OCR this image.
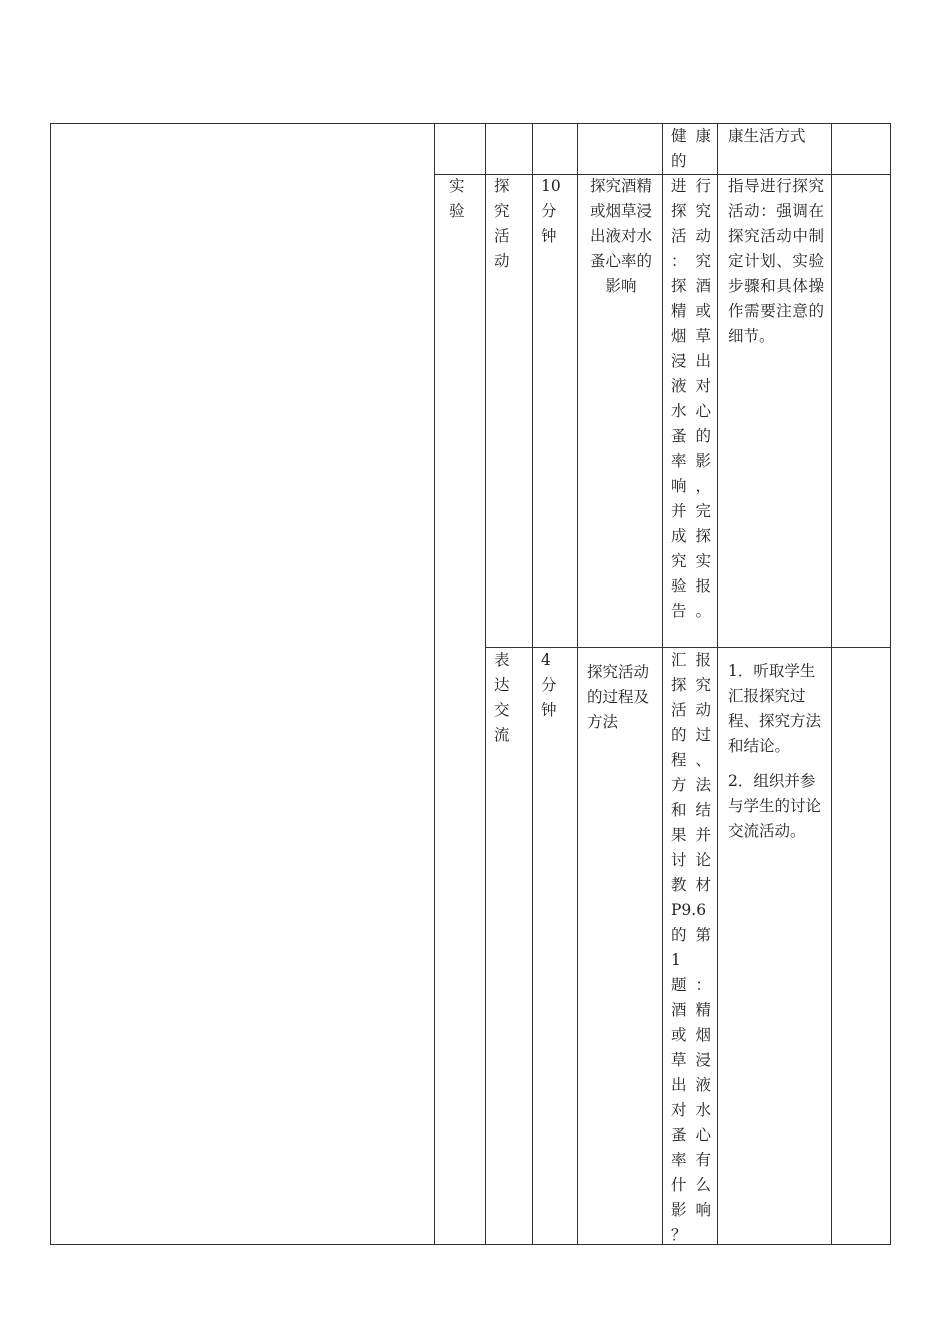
健康
的
康生活方式
实验
探究活动
10分钟
探究酒精或烟草浸出液对水蚤心率的影响
进行
探究
活动
：究
探酒
精或
烟草
浸出
液对
水心
蚤的
率影
响，
并完
成探
究实
验报
告。
指导进行探究活动：强调在探究活动中制定计划、实验步骤和具体操作需要注意的细节。
表达交流
4分钟
探究活动的过程及方法
汇报
探究
活动
的过
程、
方法
和结
果并
讨论
教材
P9.6
的第
1
题：
酒精
或烟
草浸
出液
对水
蚤心
率有
什么
影响
？

1．听取学生汇报探究过程、探究方法和结论。

2．组织并参与学生的讨论交流活动。
